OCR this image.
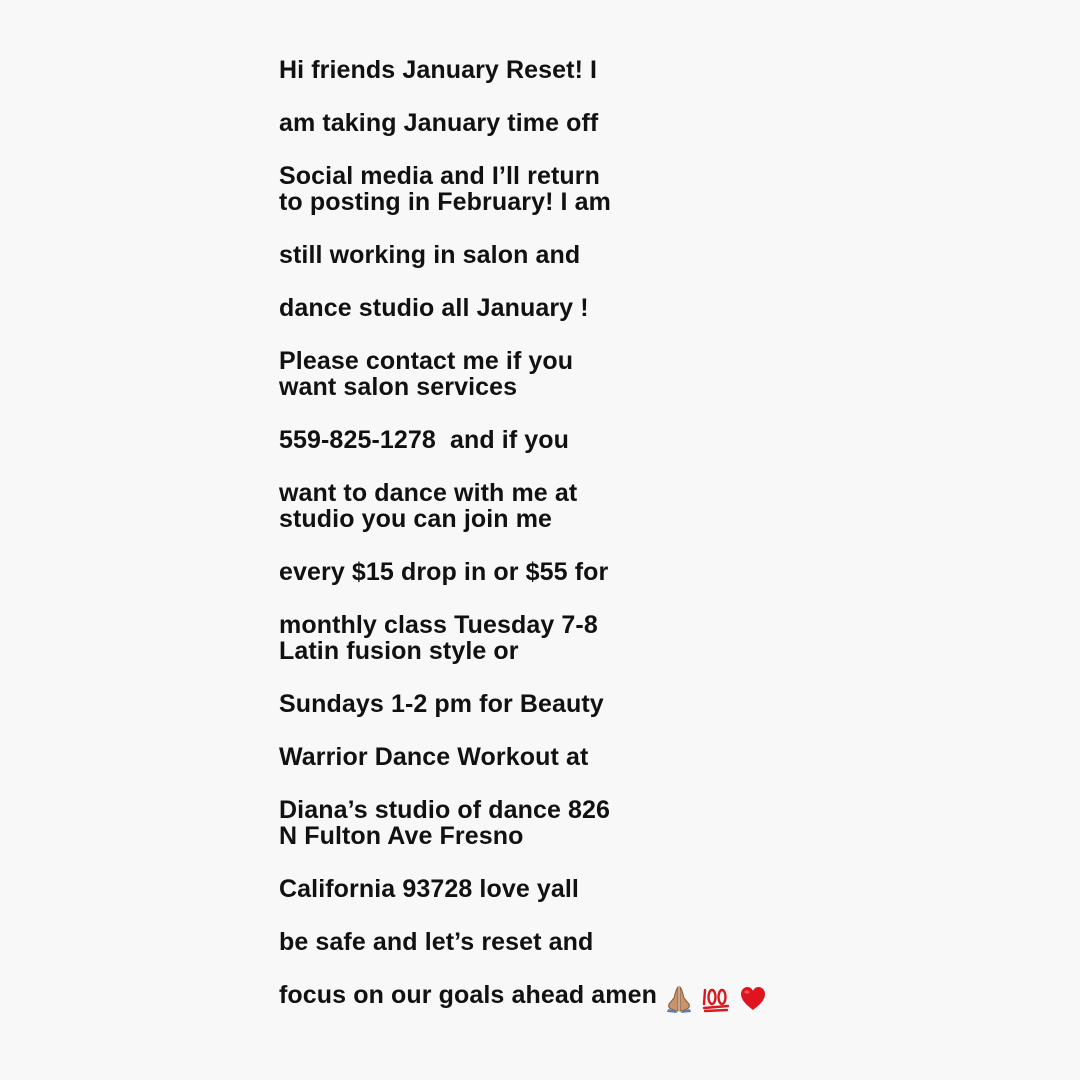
Hi friends January Reset! I
am taking January time off
Social media and I’ll return
to posting in February! I am
still working in salon and
dance studio all January !
Please contact me if you
want salon services
559-825-1278  and if you
want to dance with me at
studio you can join me
every $15 drop in or $55 for
monthly class Tuesday 7-8
Latin fusion style or
Sundays 1-2 pm for Beauty
Warrior Dance Workout at
Diana’s studio of dance 826
N Fulton Ave Fresno
California 93728 love yall
be safe and let’s reset and
focus on our goals ahead amen
